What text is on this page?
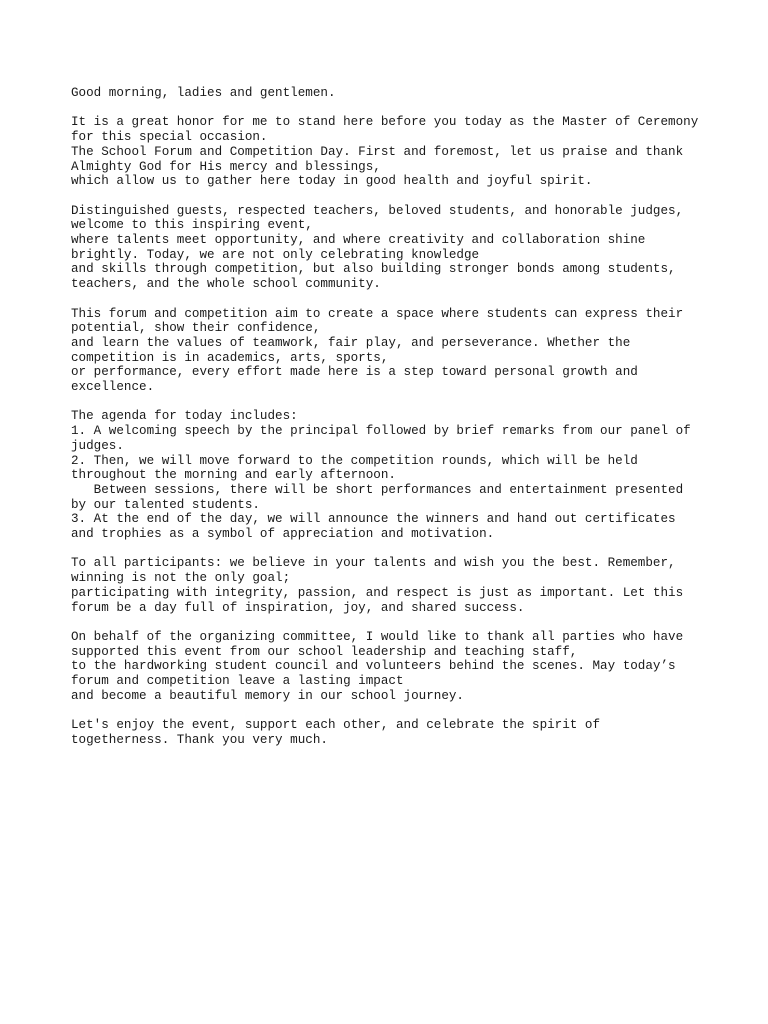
Good morning, ladies and gentlemen.
It is a great honor for me to stand here before you today as the Master of Ceremony
for this special occasion.
The School Forum and Competition Day. First and foremost, let us praise and thank
Almighty God for His mercy and blessings,
which allow us to gather here today in good health and joyful spirit.
Distinguished guests, respected teachers, beloved students, and honorable judges,
welcome to this inspiring event,
where talents meet opportunity, and where creativity and collaboration shine
brightly. Today, we are not only celebrating knowledge
and skills through competition, but also building stronger bonds among students,
teachers, and the whole school community.
This forum and competition aim to create a space where students can express their
potential, show their confidence,
and learn the values of teamwork, fair play, and perseverance. Whether the
competition is in academics, arts, sports,
or performance, every effort made here is a step toward personal growth and
excellence.
The agenda for today includes:
1. A welcoming speech by the principal followed by brief remarks from our panel of
judges.
2. Then, we will move forward to the competition rounds, which will be held
throughout the morning and early afternoon.
Between sessions, there will be short performances and entertainment presented
by our talented students.
3. At the end of the day, we will announce the winners and hand out certificates
and trophies as a symbol of appreciation and motivation.
To all participants: we believe in your talents and wish you the best. Remember,
winning is not the only goal;
participating with integrity, passion, and respect is just as important. Let this
forum be a day full of inspiration, joy, and shared success.
On behalf of the organizing committee, I would like to thank all parties who have
supported this event from our school leadership and teaching staff,
to the hardworking student council and volunteers behind the scenes. May today’s
forum and competition leave a lasting impact
and become a beautiful memory in our school journey.
Let's enjoy the event, support each other, and celebrate the spirit of
togetherness. Thank you very much.
